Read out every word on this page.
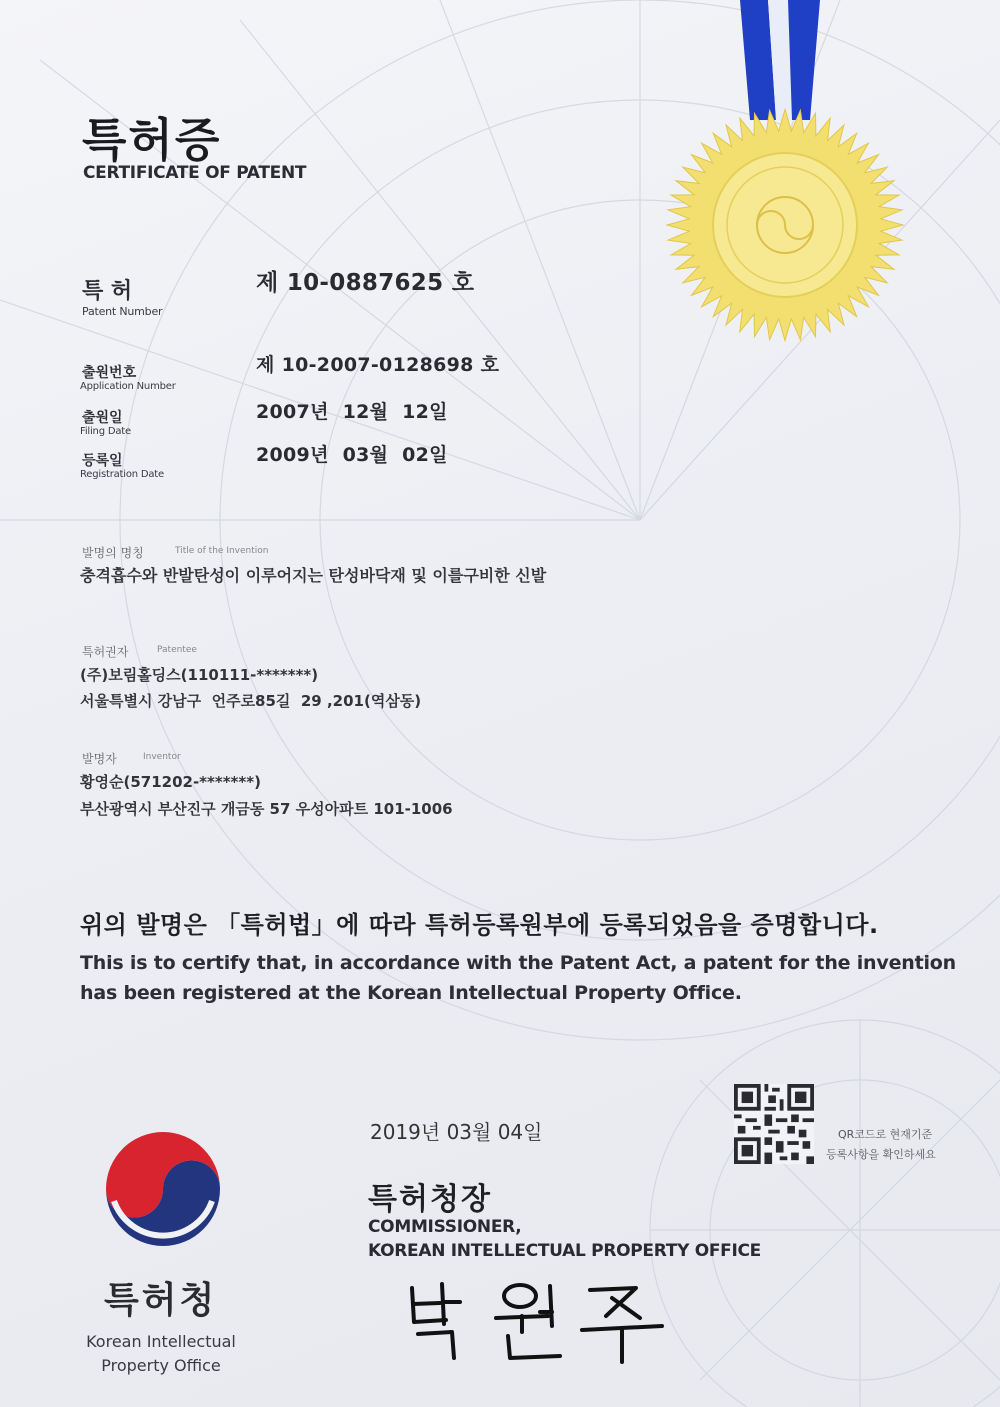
특허증
CERTIFICATE OF PATENT
특 허
Patent Number
제 10-0887625 호
출원번호
Application Number
제 10-2007-0128698 호
출원일
Filing Date
2007년  12월  12일
등록일
Registration Date
2009년  03월  02일
발명의 명칭	Title of the Invention
충격흡수와 반발탄성이 이루어지는 탄성바닥재 및 이를구비한 신발
특허권자	Patentee
(주)보림홀딩스(110111-*******)
서울특별시 강남구  언주로85길  29 ,201(역삼동)
발명자	Inventor
황영순(571202-*******)
부산광역시 부산진구 개금동 57 우성아파트 101-1006
위의 발명은 「특허법」에 따라 특허등록원부에 등록되었음을 증명합니다.
This is to certify that, in accordance with the Patent Act, a patent for the invention
has been registered at the Korean Intellectual Property Office.
2019년 03월 04일	QR코드로 현재기준
등록사항을 확인하세요
특허청장
COMMISSIONER,
KOREAN INTELLECTUAL PROPERTY OFFICE
특허청
Korean Intellectual
Property Office
